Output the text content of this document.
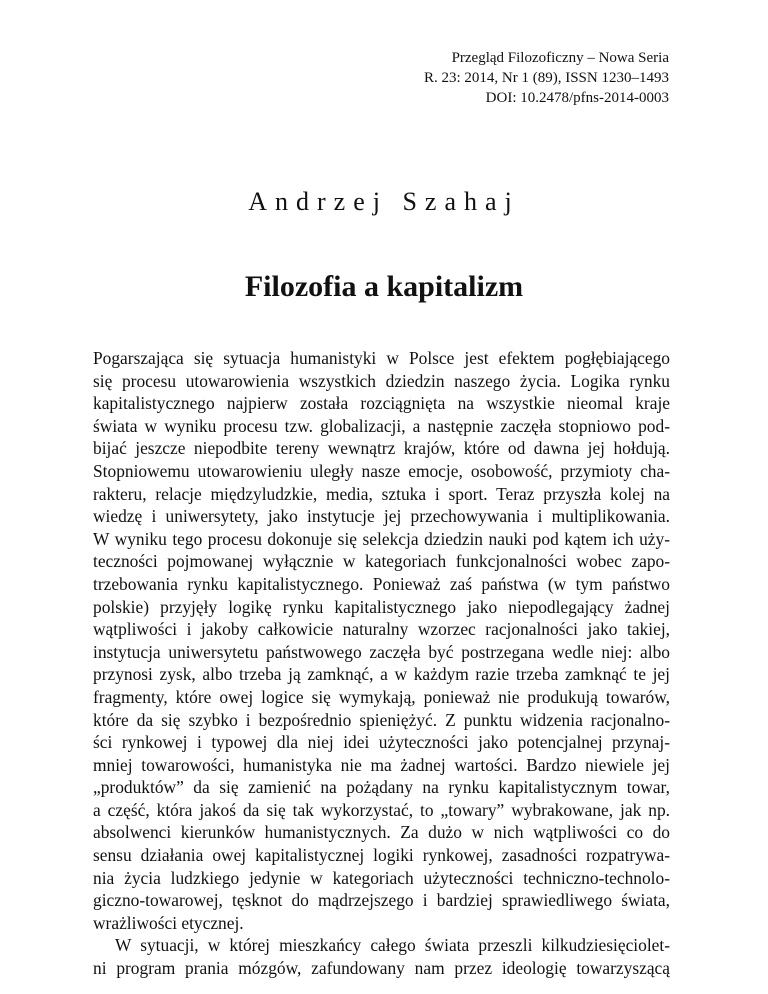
Przegląd Filozoficzny – Nowa Seria
R. 23: 2014, Nr 1 (89), ISSN 1230–1493
DOI: 10.2478/pfns-2014-0003
Andrzej Szahaj
Filozofia a kapitalizm
Pogarszająca się sytuacja humanistyki w Polsce jest efektem pogłębiającego
się procesu utowarowienia wszystkich dziedzin naszego życia. Logika rynku
kapitalistycznego najpierw została rozciągnięta na wszystkie nieomal kraje
świata w wyniku procesu tzw. globalizacji, a następnie zaczęła stopniowo pod-
bijać jeszcze niepodbite tereny wewnątrz krajów, które od dawna jej hołdują.
Stopniowemu utowarowieniu uległy nasze emocje, osobowość, przymioty cha-
rakteru, relacje międzyludzkie, media, sztuka i sport. Teraz przyszła kolej na
wiedzę i uniwersytety, jako instytucje jej przechowywania i multiplikowania.
W wyniku tego procesu dokonuje się selekcja dziedzin nauki pod kątem ich uży-
teczności pojmowanej wyłącznie w kategoriach funkcjonalności wobec zapo-
trzebowania rynku kapitalistycznego. Ponieważ zaś państwa (w tym państwo
polskie) przyjęły logikę rynku kapitalistycznego jako niepodlegający żadnej
wątpliwości i jakoby całkowicie naturalny wzorzec racjonalności jako takiej,
instytucja uniwersytetu państwowego zaczęła być postrzegana wedle niej: albo
przynosi zysk, albo trzeba ją zamknąć, a w każdym razie trzeba zamknąć te jej
fragmenty, które owej logice się wymykają, ponieważ nie produkują towarów,
które da się szybko i bezpośrednio spieniężyć. Z punktu widzenia racjonalno-
ści rynkowej i typowej dla niej idei użyteczności jako potencjalnej przynaj-
mniej towarowości, humanistyka nie ma żadnej wartości. Bardzo niewiele jej
„produktów” da się zamienić na pożądany na rynku kapitalistycznym towar,
a część, która jakoś da się tak wykorzystać, to „towary” wybrakowane, jak np.
absolwenci kierunków humanistycznych. Za dużo w nich wątpliwości co do
sensu działania owej kapitalistycznej logiki rynkowej, zasadności rozpatrywa-
nia życia ludzkiego jedynie w kategoriach użyteczności techniczno-technolo-
giczno-towarowej, tęsknot do mądrzejszego i bardziej sprawiedliwego świata,
wrażliwości etycznej.
W sytuacji, w której mieszkańcy całego świata przeszli kilkudziesięciolet-
ni program prania mózgów, zafundowany nam przez ideologię towarzyszącą
